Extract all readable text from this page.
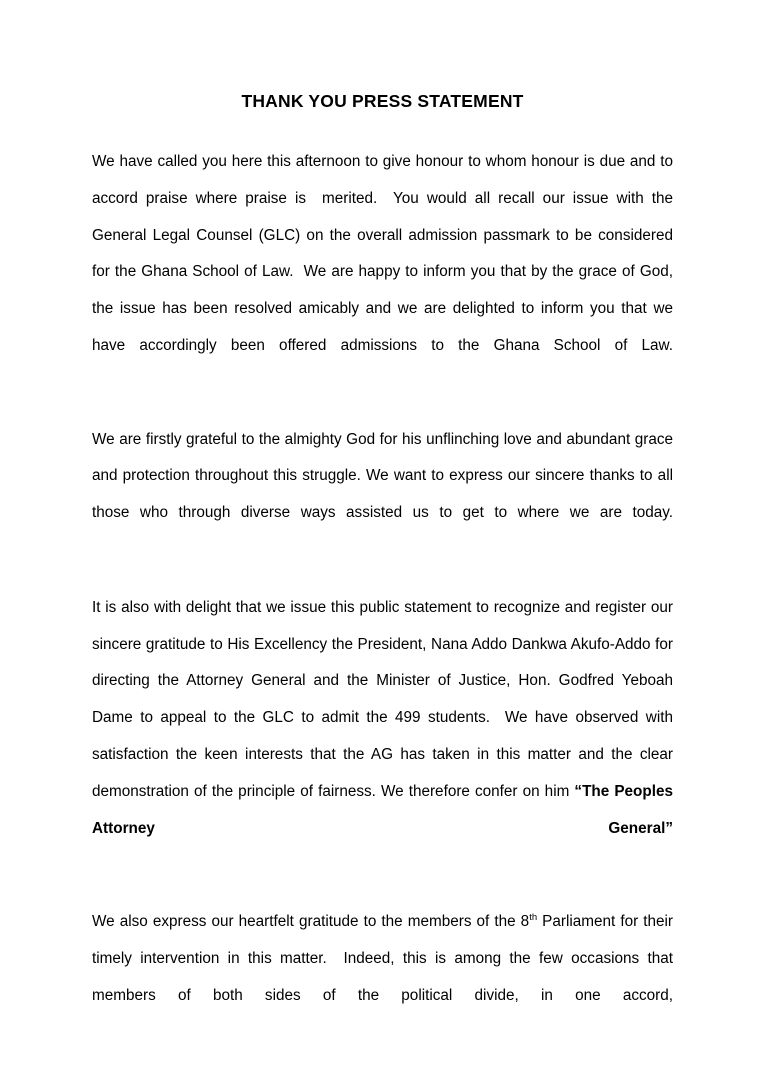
THANK YOU PRESS STATEMENT

We have called you here this afternoon to give honour to whom honour is due and to accord praise where praise is  merited.  You would all recall our issue with the General Legal Counsel (GLC) on the overall admission passmark to be considered for the Ghana School of Law.  We are happy to inform you that by the grace of God, the issue has been resolved amicably and we are delighted to inform you that we have accordingly been offered admissions to the Ghana School of Law.

We are firstly grateful to the almighty God for his unflinching love and abundant grace and protection throughout this struggle. We want to express our sincere thanks to all those who through diverse ways assisted us to get to where we are today.

It is also with delight that we issue this public statement to recognize and register our sincere gratitude to His Excellency the President, Nana Addo Dankwa Akufo-Addo for directing the Attorney General and the Minister of Justice, Hon. Godfred Yeboah Dame to appeal to the GLC to admit the 499 students.  We have observed with satisfaction the keen interests that the AG has taken in this matter and the clear demonstration of the principle of fairness. We therefore confer on him “The Peoples Attorney General”

We also express our heartfelt gratitude to the members of the 8th Parliament for their timely intervention in this matter.  Indeed, this is among the few occasions that   members of both sides of the political divide, in one accord,
